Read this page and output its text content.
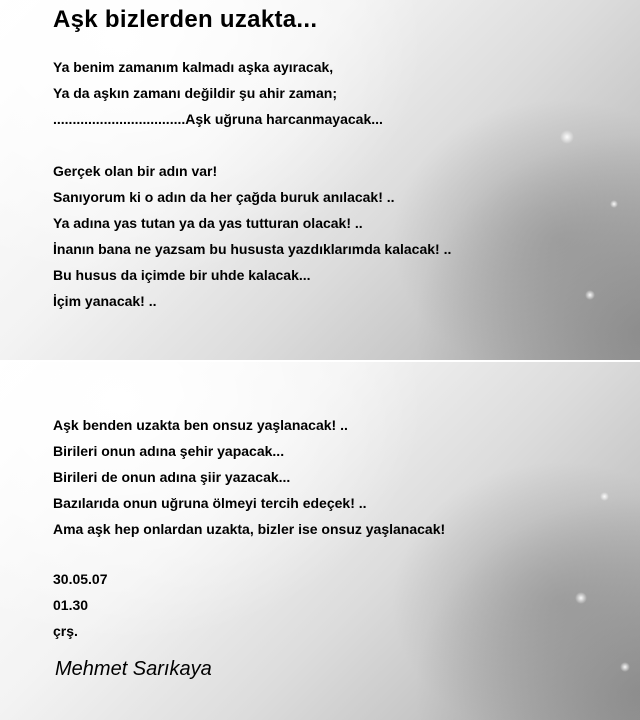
Aşk bizlerden uzakta...
Ya benim zamanım kalmadı aşka ayıracak,
Ya da aşkın zamanı değildir şu ahir zaman;
..................................Aşk uğruna harcanmayacak...
Gerçek olan bir adın var!
Sanıyorum ki o adın da her çağda buruk anılacak! ..
Ya adına yas tutan ya da yas tutturan olacak! ..
İnanın bana ne yazsam bu hususta yazdıklarımda kalacak! ..
Bu husus da içimde bir uhde kalacak...
İçim yanacak! ..
Aşk benden uzakta ben onsuz yaşlanacak! ..
Birileri onun adına şehir yapacak...
Birileri de onun adına şiir yazacak...
Bazılarıda onun uğruna ölmeyi tercih edeçek! ..
Ama aşk hep onlardan uzakta, bizler ise onsuz yaşlanacak!
30.05.07
01.30
çrş.
Mehmet Sarıkaya
